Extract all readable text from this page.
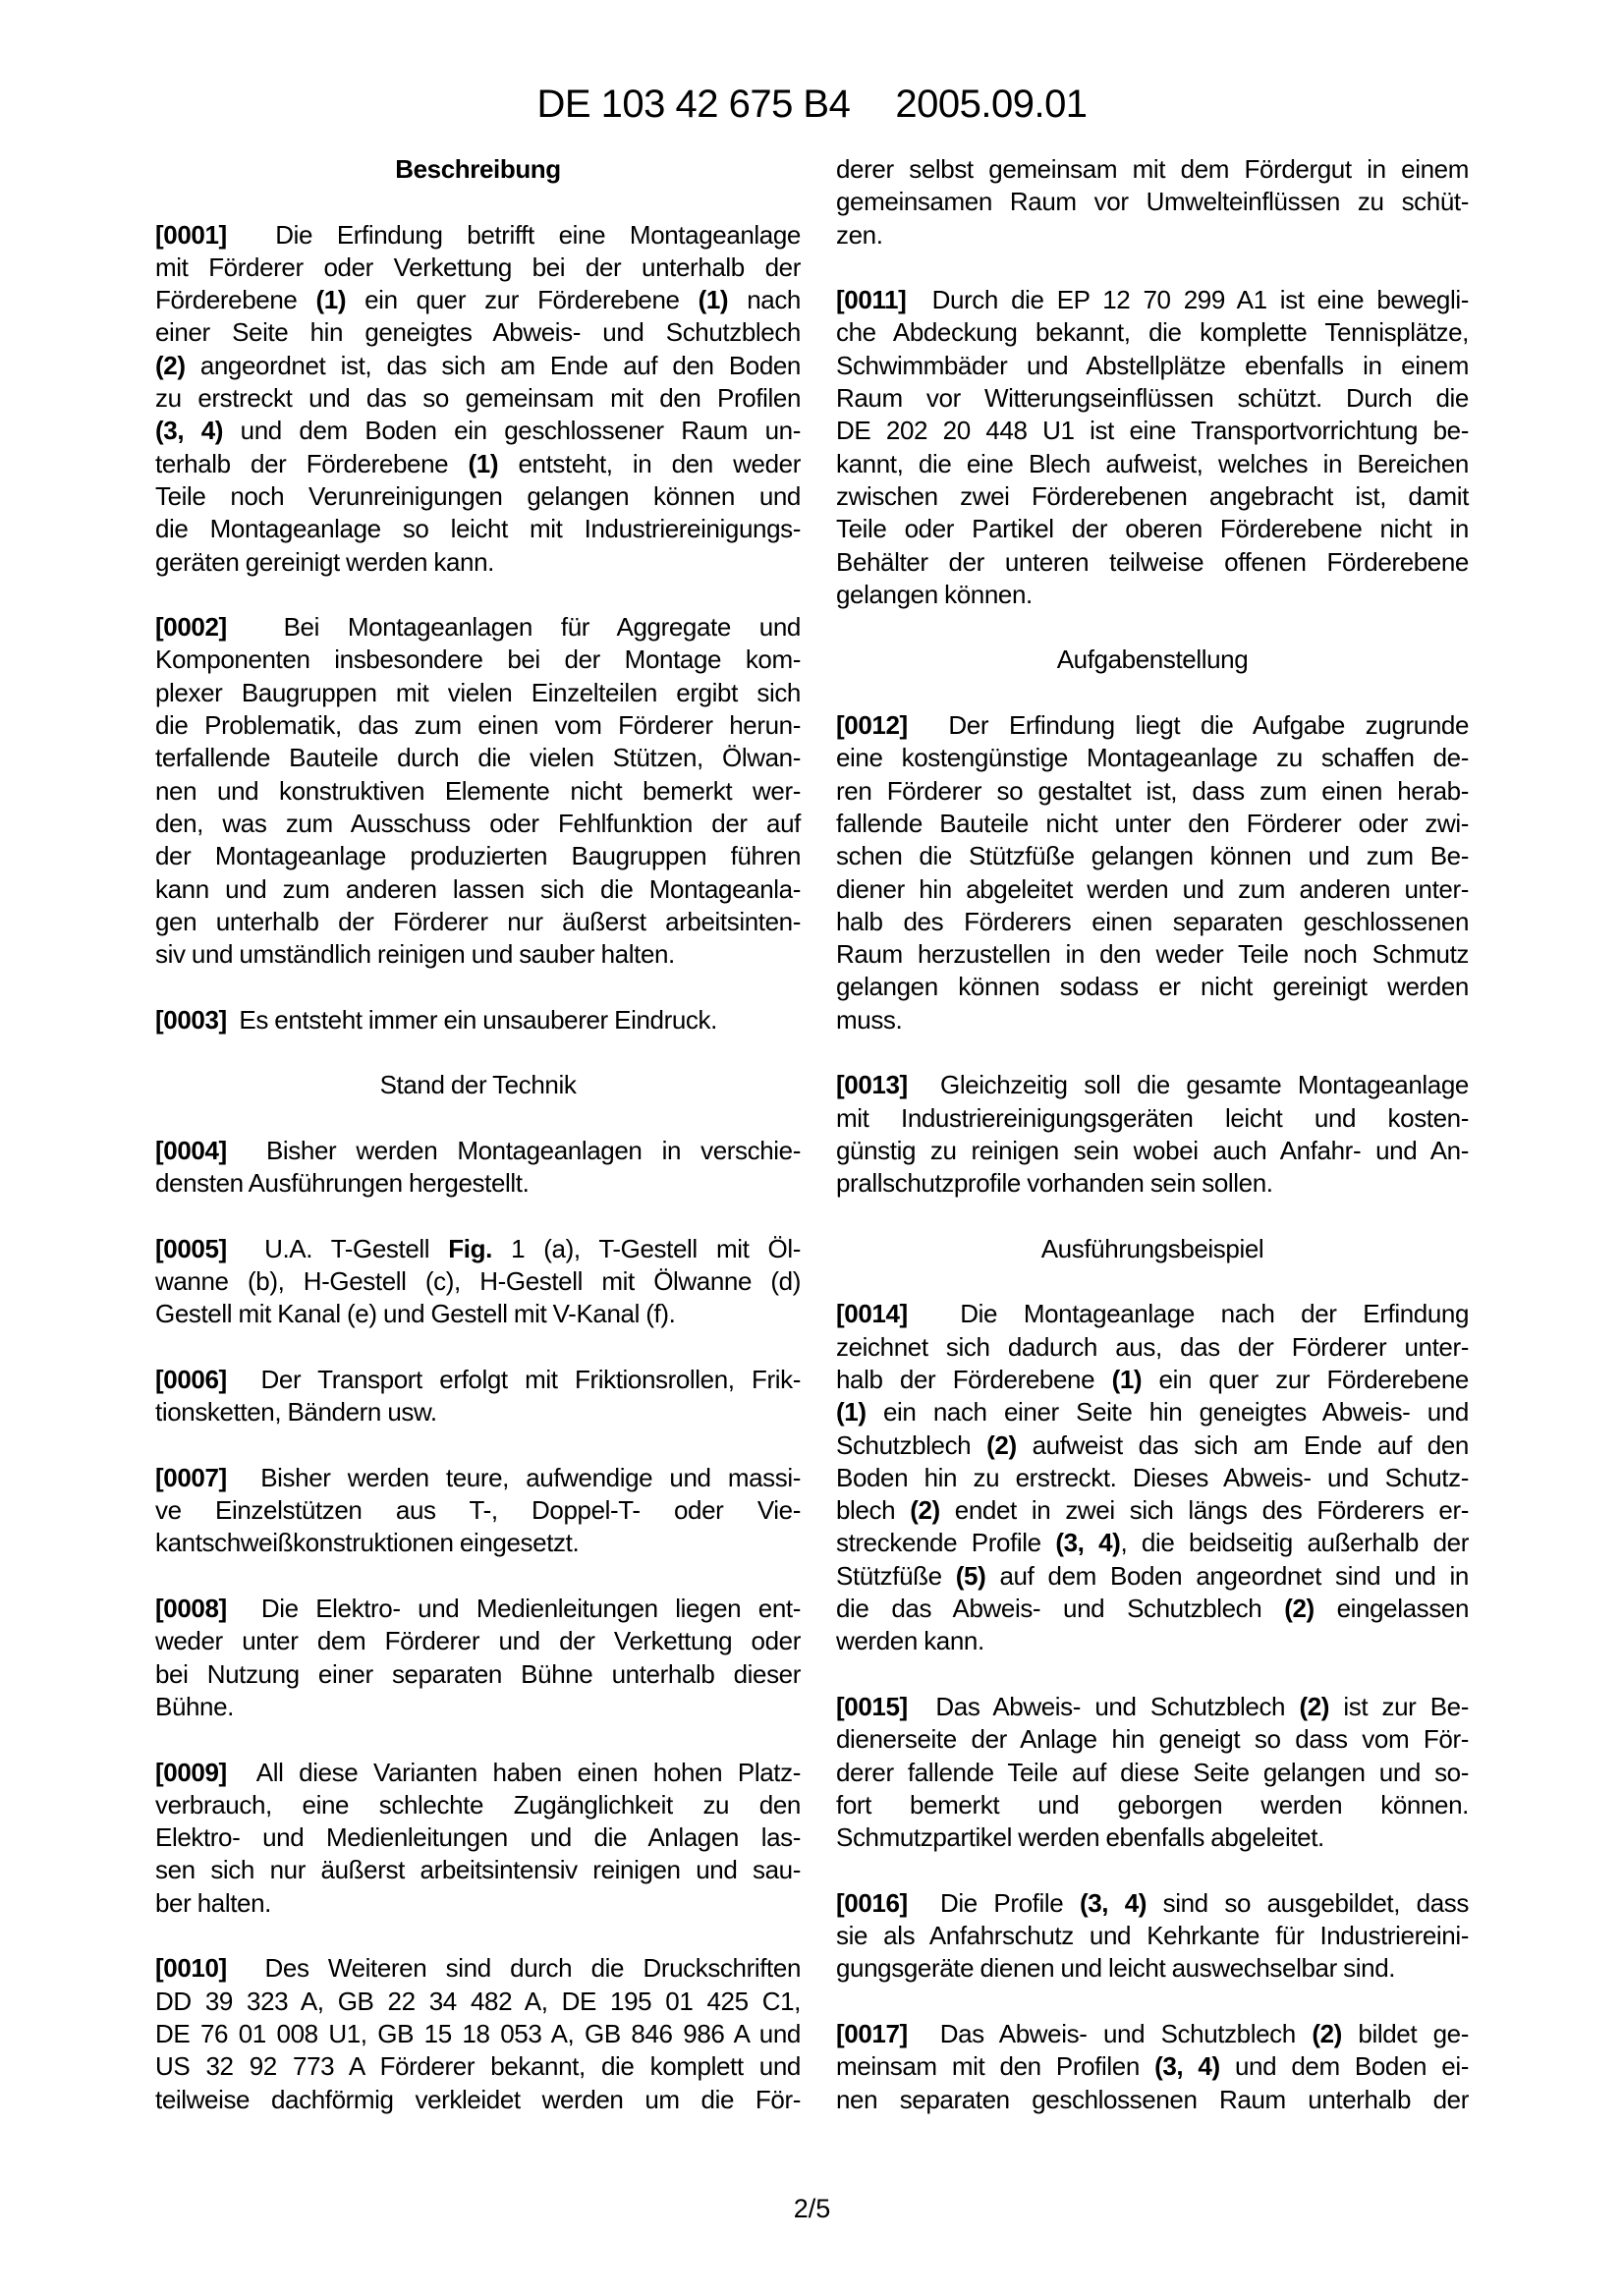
DE 103 42 675 B4 2005.09.01
Beschreibung
[0001]  Die Erfindung betrifft eine Montageanlage
mit Förderer oder Verkettung bei der unterhalb der
Förderebene (1) ein quer zur Förderebene (1) nach
einer Seite hin geneigtes Abweis- und Schutzblech
(2) angeordnet ist, das sich am Ende auf den Boden
zu erstreckt und das so gemeinsam mit den Profilen
(3, 4) und dem Boden ein geschlossener Raum un-
terhalb der Förderebene (1) entsteht, in den weder
Teile noch Verunreinigungen gelangen können und
die Montageanlage so leicht mit Industriereinigungs-
geräten gereinigt werden kann.
[0002]  Bei Montageanlagen für Aggregate und
Komponenten insbesondere bei der Montage kom-
plexer Baugruppen mit vielen Einzelteilen ergibt sich
die Problematik, das zum einen vom Förderer herun-
terfallende Bauteile durch die vielen Stützen, Ölwan-
nen und konstruktiven Elemente nicht bemerkt wer-
den, was zum Ausschuss oder Fehlfunktion der auf
der Montageanlage produzierten Baugruppen führen
kann und zum anderen lassen sich die Montageanla-
gen unterhalb der Förderer nur äußerst arbeitsinten-
siv und umständlich reinigen und sauber halten.
[0003]  Es entsteht immer ein unsauberer Eindruck.
Stand der Technik
[0004]  Bisher werden Montageanlagen in verschie-
densten Ausführungen hergestellt.
[0005]  U.A. T-Gestell Fig. 1 (a), T-Gestell mit Öl-
wanne (b), H-Gestell (c), H-Gestell mit Ölwanne (d)
Gestell mit Kanal (e) und Gestell mit V-Kanal (f).
[0006]  Der Transport erfolgt mit Friktionsrollen, Frik-
tionsketten, Bändern usw.
[0007]  Bisher werden teure, aufwendige und massi-
ve Einzelstützen aus T-, Doppel-T- oder Vie-
kantschweißkonstruktionen eingesetzt.
[0008]  Die Elektro- und Medienleitungen liegen ent-
weder unter dem Förderer und der Verkettung oder
bei Nutzung einer separaten Bühne unterhalb dieser
Bühne.
[0009]  All diese Varianten haben einen hohen Platz-
verbrauch, eine schlechte Zugänglichkeit zu den
Elektro- und Medienleitungen und die Anlagen las-
sen sich nur äußerst arbeitsintensiv reinigen und sau-
ber halten.
[0010]  Des Weiteren sind durch die Druckschriften
DD 39 323 A, GB 22 34 482 A, DE 195 01 425 C1,
DE 76 01 008 U1, GB 15 18 053 A, GB 846 986 A und
US 32 92 773 A Förderer bekannt, die komplett und
teilweise dachförmig verkleidet werden um die För-
derer selbst gemeinsam mit dem Fördergut in einem
gemeinsamen Raum vor Umwelteinflüssen zu schüt-
zen.
[0011]  Durch die EP 12 70 299 A1 ist eine bewegli-
che Abdeckung bekannt, die komplette Tennisplätze,
Schwimmbäder und Abstellplätze ebenfalls in einem
Raum vor Witterungseinflüssen schützt. Durch die
DE 202 20 448 U1 ist eine Transportvorrichtung be-
kannt, die eine Blech aufweist, welches in Bereichen
zwischen zwei Förderebenen angebracht ist, damit
Teile oder Partikel der oberen Förderebene nicht in
Behälter der unteren teilweise offenen Förderebene
gelangen können.
Aufgabenstellung
[0012]  Der Erfindung liegt die Aufgabe zugrunde
eine kostengünstige Montageanlage zu schaffen de-
ren Förderer so gestaltet ist, dass zum einen herab-
fallende Bauteile nicht unter den Förderer oder zwi-
schen die Stützfüße gelangen können und zum Be-
diener hin abgeleitet werden und zum anderen unter-
halb des Förderers einen separaten geschlossenen
Raum herzustellen in den weder Teile noch Schmutz
gelangen können sodass er nicht gereinigt werden
muss.
[0013]  Gleichzeitig soll die gesamte Montageanlage
mit Industriereinigungsgeräten leicht und kosten-
günstig zu reinigen sein wobei auch Anfahr- und An-
prallschutzprofile vorhanden sein sollen.
Ausführungsbeispiel
[0014]  Die Montageanlage nach der Erfindung
zeichnet sich dadurch aus, das der Förderer unter-
halb der Förderebene (1) ein quer zur Förderebene
(1) ein nach einer Seite hin geneigtes Abweis- und
Schutzblech (2) aufweist das sich am Ende auf den
Boden hin zu erstreckt. Dieses Abweis- und Schutz-
blech (2) endet in zwei sich längs des Förderers er-
streckende Profile (3, 4), die beidseitig außerhalb der
Stützfüße (5) auf dem Boden angeordnet sind und in
die das Abweis- und Schutzblech (2) eingelassen
werden kann.
[0015]  Das Abweis- und Schutzblech (2) ist zur Be-
dienerseite der Anlage hin geneigt so dass vom För-
derer fallende Teile auf diese Seite gelangen und so-
fort bemerkt und geborgen werden können.
Schmutzpartikel werden ebenfalls abgeleitet.
[0016]  Die Profile (3, 4) sind so ausgebildet, dass
sie als Anfahrschutz und Kehrkante für Industriereini-
gungsgeräte dienen und leicht auswechselbar sind.
[0017]  Das Abweis- und Schutzblech (2) bildet ge-
meinsam mit den Profilen (3, 4) und dem Boden ei-
nen separaten geschlossenen Raum unterhalb der
2/5
